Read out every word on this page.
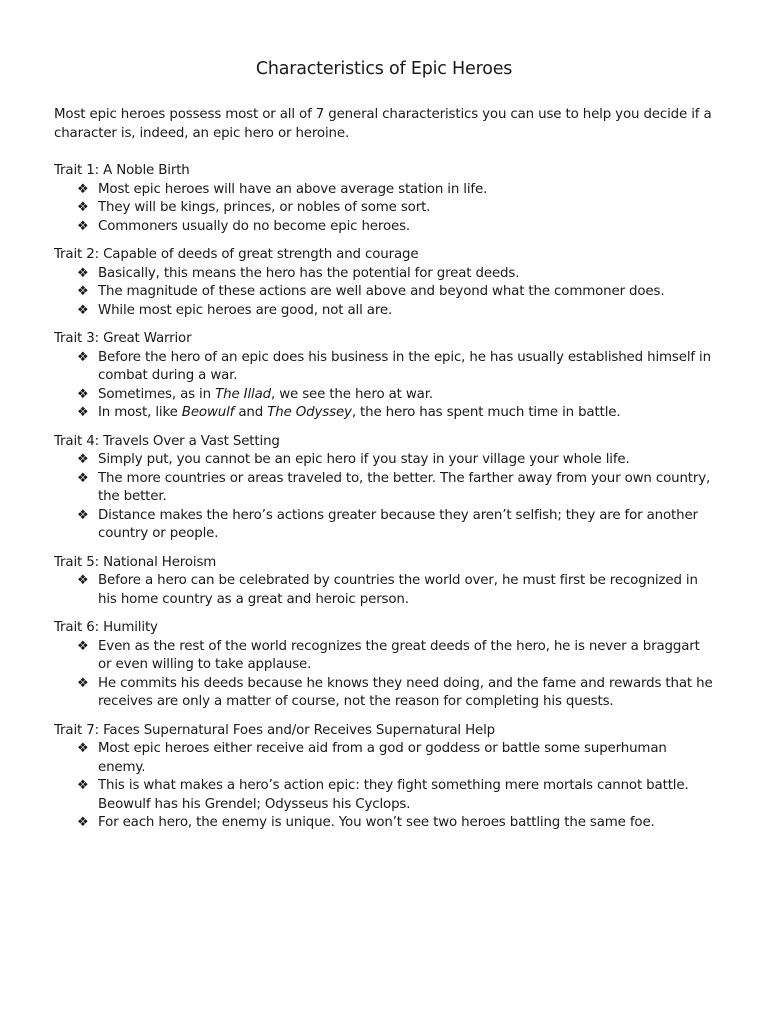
Characteristics of Epic Heroes
Most epic heroes possess most or all of 7 general characteristics you can use to help you decide if a character is, indeed, an epic hero or heroine.
Trait 1: A Noble Birth
❖ Most epic heroes will have an above average station in life.
❖ They will be kings, princes, or nobles of some sort.
❖ Commoners usually do no become epic heroes.
Trait 2: Capable of deeds of great strength and courage
❖ Basically, this means the hero has the potential for great deeds.
❖ The magnitude of these actions are well above and beyond what the commoner does.
❖ While most epic heroes are good, not all are.
Trait 3: Great Warrior
❖ Before the hero of an epic does his business in the epic, he has usually established himself in combat during a war.
❖ Sometimes, as in The Illad, we see the hero at war.
❖ In most, like Beowulf and The Odyssey, the hero has spent much time in battle.
Trait 4: Travels Over a Vast Setting
❖ Simply put, you cannot be an epic hero if you stay in your village your whole life.
❖ The more countries or areas traveled to, the better. The farther away from your own country, the better.
❖ Distance makes the hero’s actions greater because they aren’t selfish; they are for another country or people.
Trait 5: National Heroism
❖ Before a hero can be celebrated by countries the world over, he must first be recognized in his home country as a great and heroic person.
Trait 6: Humility
❖ Even as the rest of the world recognizes the great deeds of the hero, he is never a braggart or even willing to take applause.
❖ He commits his deeds because he knows they need doing, and the fame and rewards that he receives are only a matter of course, not the reason for completing his quests.
Trait 7: Faces Supernatural Foes and/or Receives Supernatural Help
❖ Most epic heroes either receive aid from a god or goddess or battle some superhuman enemy.
❖ This is what makes a hero’s action epic: they fight something mere mortals cannot battle. Beowulf has his Grendel; Odysseus his Cyclops.
❖ For each hero, the enemy is unique. You won’t see two heroes battling the same foe.
